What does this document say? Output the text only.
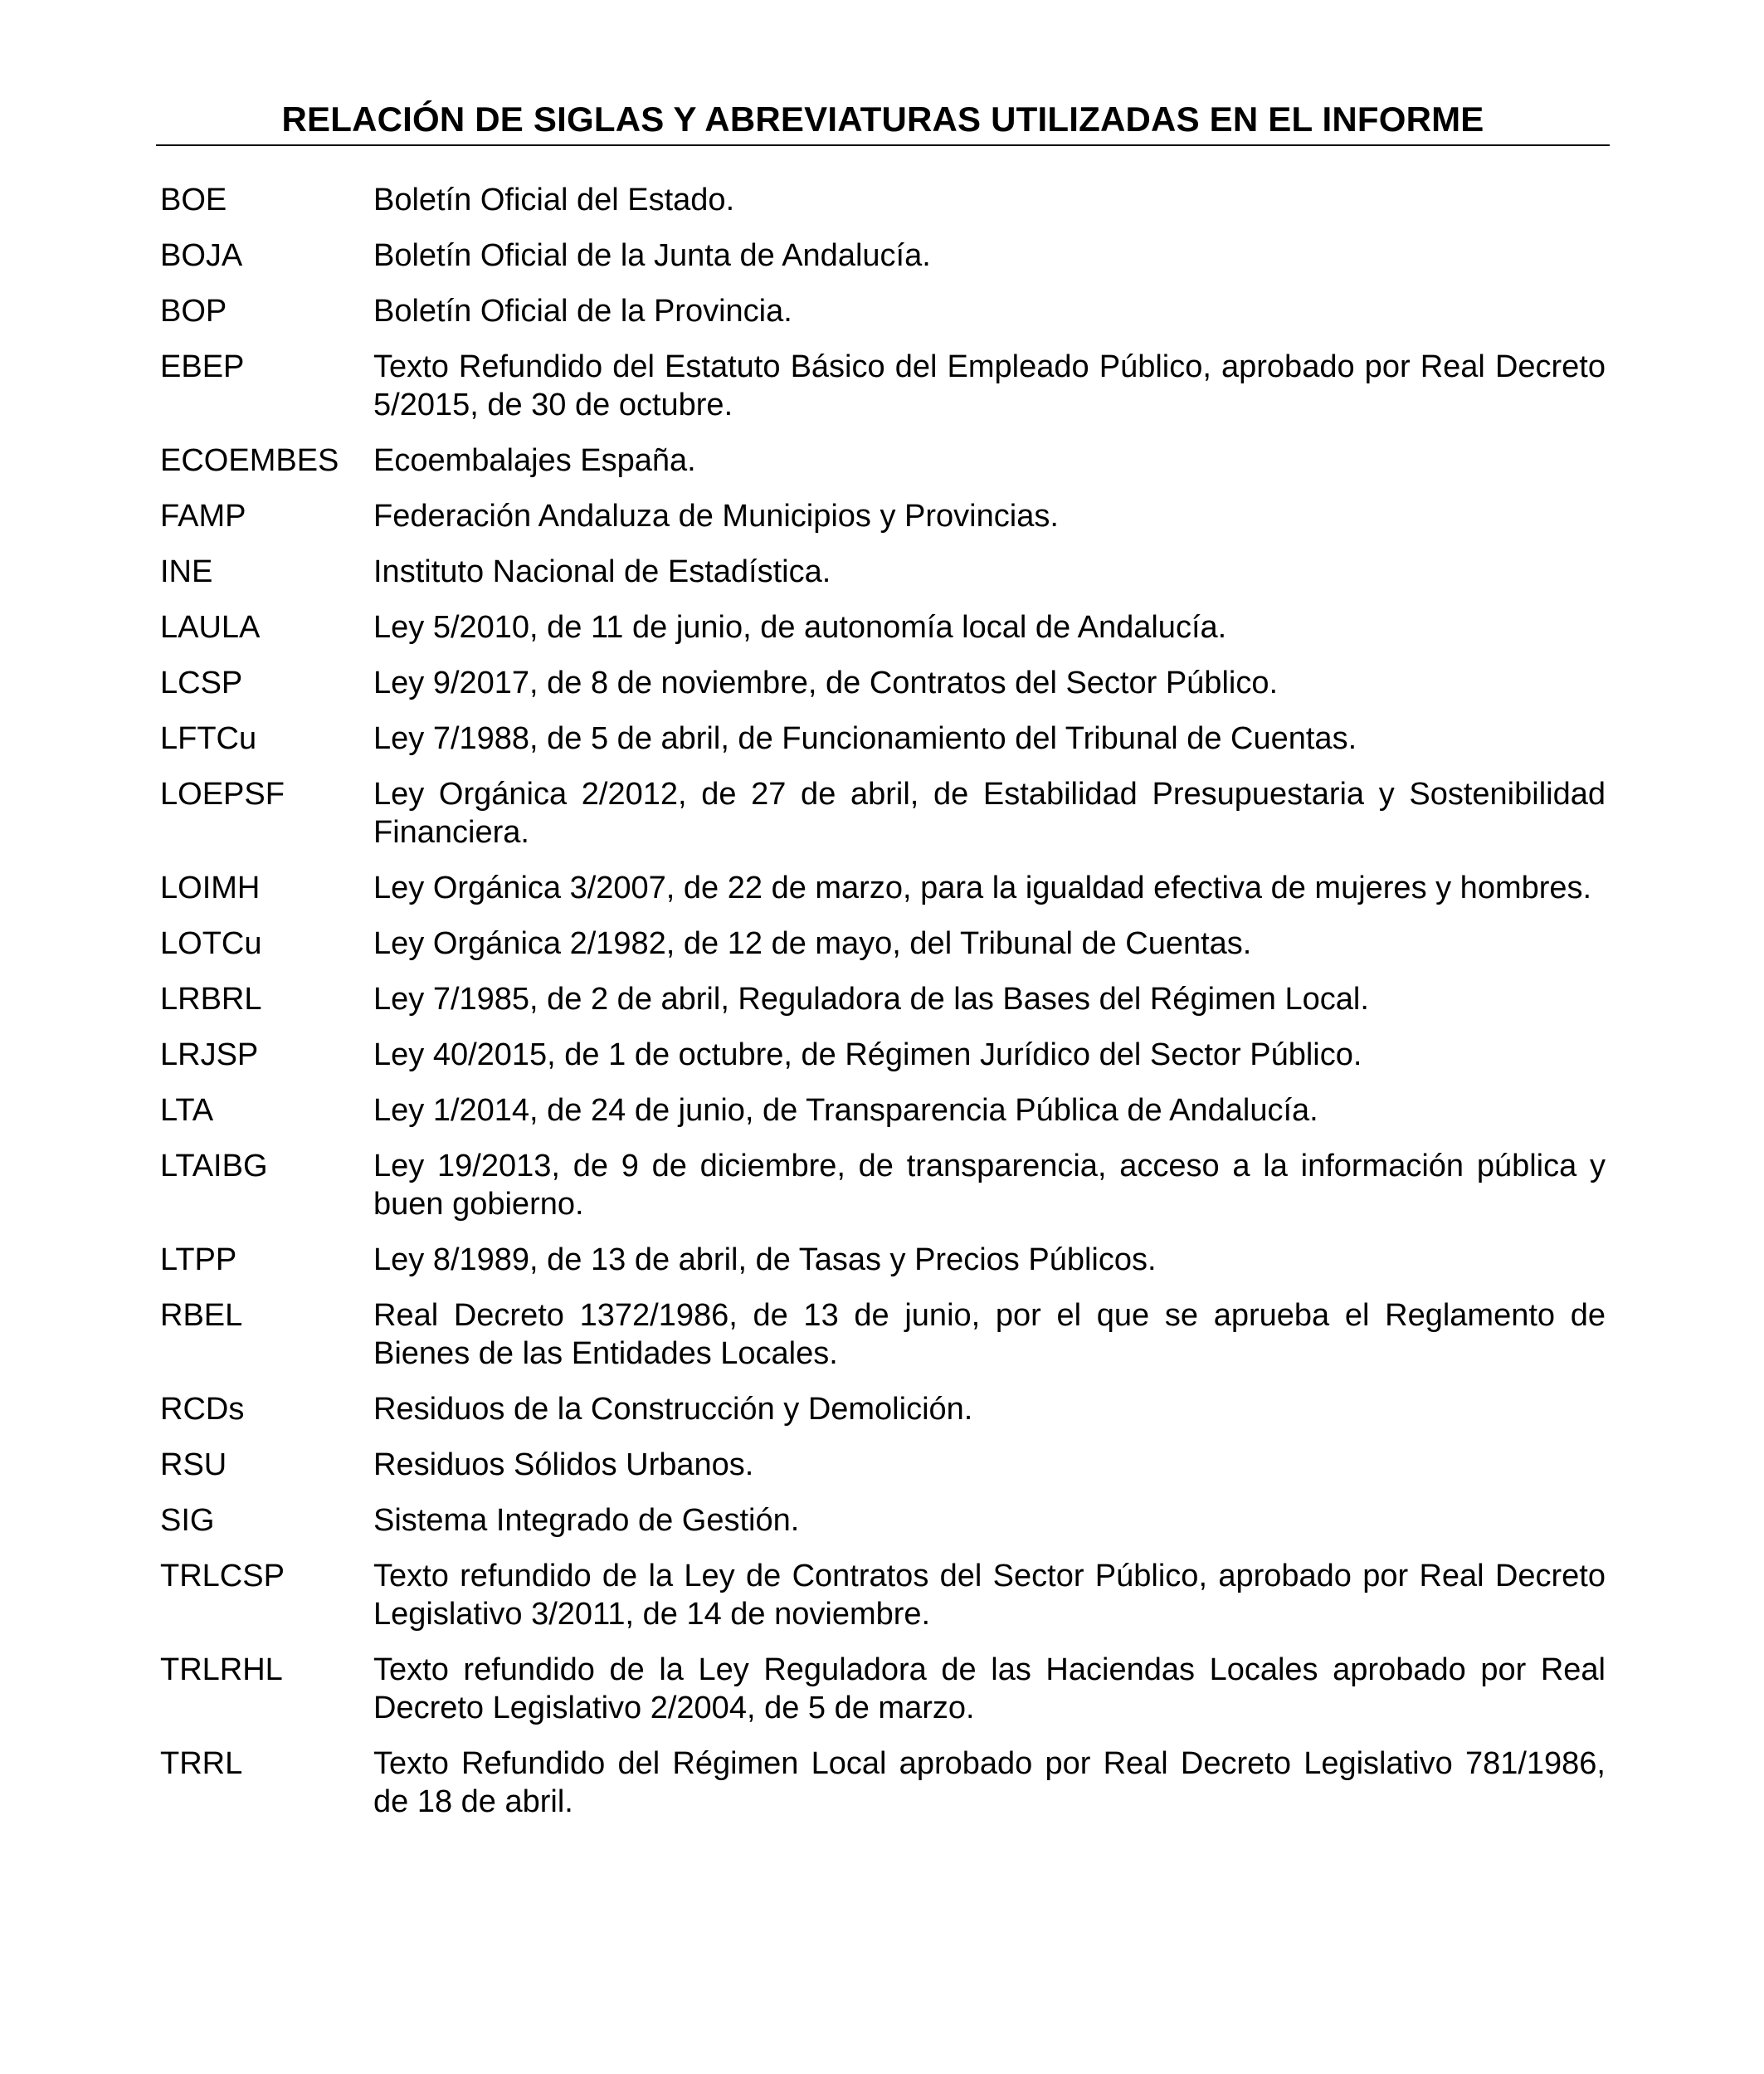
RELACIÓN DE SIGLAS Y ABREVIATURAS UTILIZADAS EN EL INFORME
BOE	Boletín Oficial del Estado.
BOJA	Boletín Oficial de la Junta de Andalucía.
BOP	Boletín Oficial de la Provincia.
EBEP	Texto Refundido del Estatuto Básico del Empleado Público, aprobado por Real Decreto 5/2015, de 30 de octubre.
ECOEMBES	Ecoembalajes España.
FAMP	Federación Andaluza de Municipios y Provincias.
INE	Instituto Nacional de Estadística.
LAULA	Ley 5/2010, de 11 de junio, de autonomía local de Andalucía.
LCSP	Ley 9/2017, de 8 de noviembre, de Contratos del Sector Público.
LFTCu	Ley 7/1988, de 5 de abril, de Funcionamiento del Tribunal de Cuentas.
LOEPSF	Ley Orgánica 2/2012, de 27 de abril, de Estabilidad Presupuestaria y Sostenibilidad Financiera.
LOIMH	Ley Orgánica 3/2007, de 22 de marzo, para la igualdad efectiva de mujeres y hombres.
LOTCu	Ley Orgánica 2/1982, de 12 de mayo, del Tribunal de Cuentas.
LRBRL	Ley 7/1985, de 2 de abril, Reguladora de las Bases del Régimen Local.
LRJSP	Ley 40/2015, de 1 de octubre, de Régimen Jurídico del Sector Público.
LTA	Ley 1/2014, de 24 de junio, de Transparencia Pública de Andalucía.
LTAIBG	Ley 19/2013, de 9 de diciembre, de transparencia, acceso a la información pública y buen gobierno.
LTPP	Ley 8/1989, de 13 de abril, de Tasas y Precios Públicos.
RBEL	Real Decreto 1372/1986, de 13 de junio, por el que se aprueba el Reglamento de Bienes de las Entidades Locales.
RCDs	Residuos de la Construcción y Demolición.
RSU	Residuos Sólidos Urbanos.
SIG	Sistema Integrado de Gestión.
TRLCSP	Texto refundido de la Ley de Contratos del Sector Público, aprobado por Real Decreto Legislativo 3/2011, de 14 de noviembre.
TRLRHL	Texto refundido de la Ley Reguladora de las Haciendas Locales aprobado por Real Decreto Legislativo 2/2004, de 5 de marzo.
TRRL	Texto Refundido del Régimen Local aprobado por Real Decreto Legislativo 781/1986, de 18 de abril.
